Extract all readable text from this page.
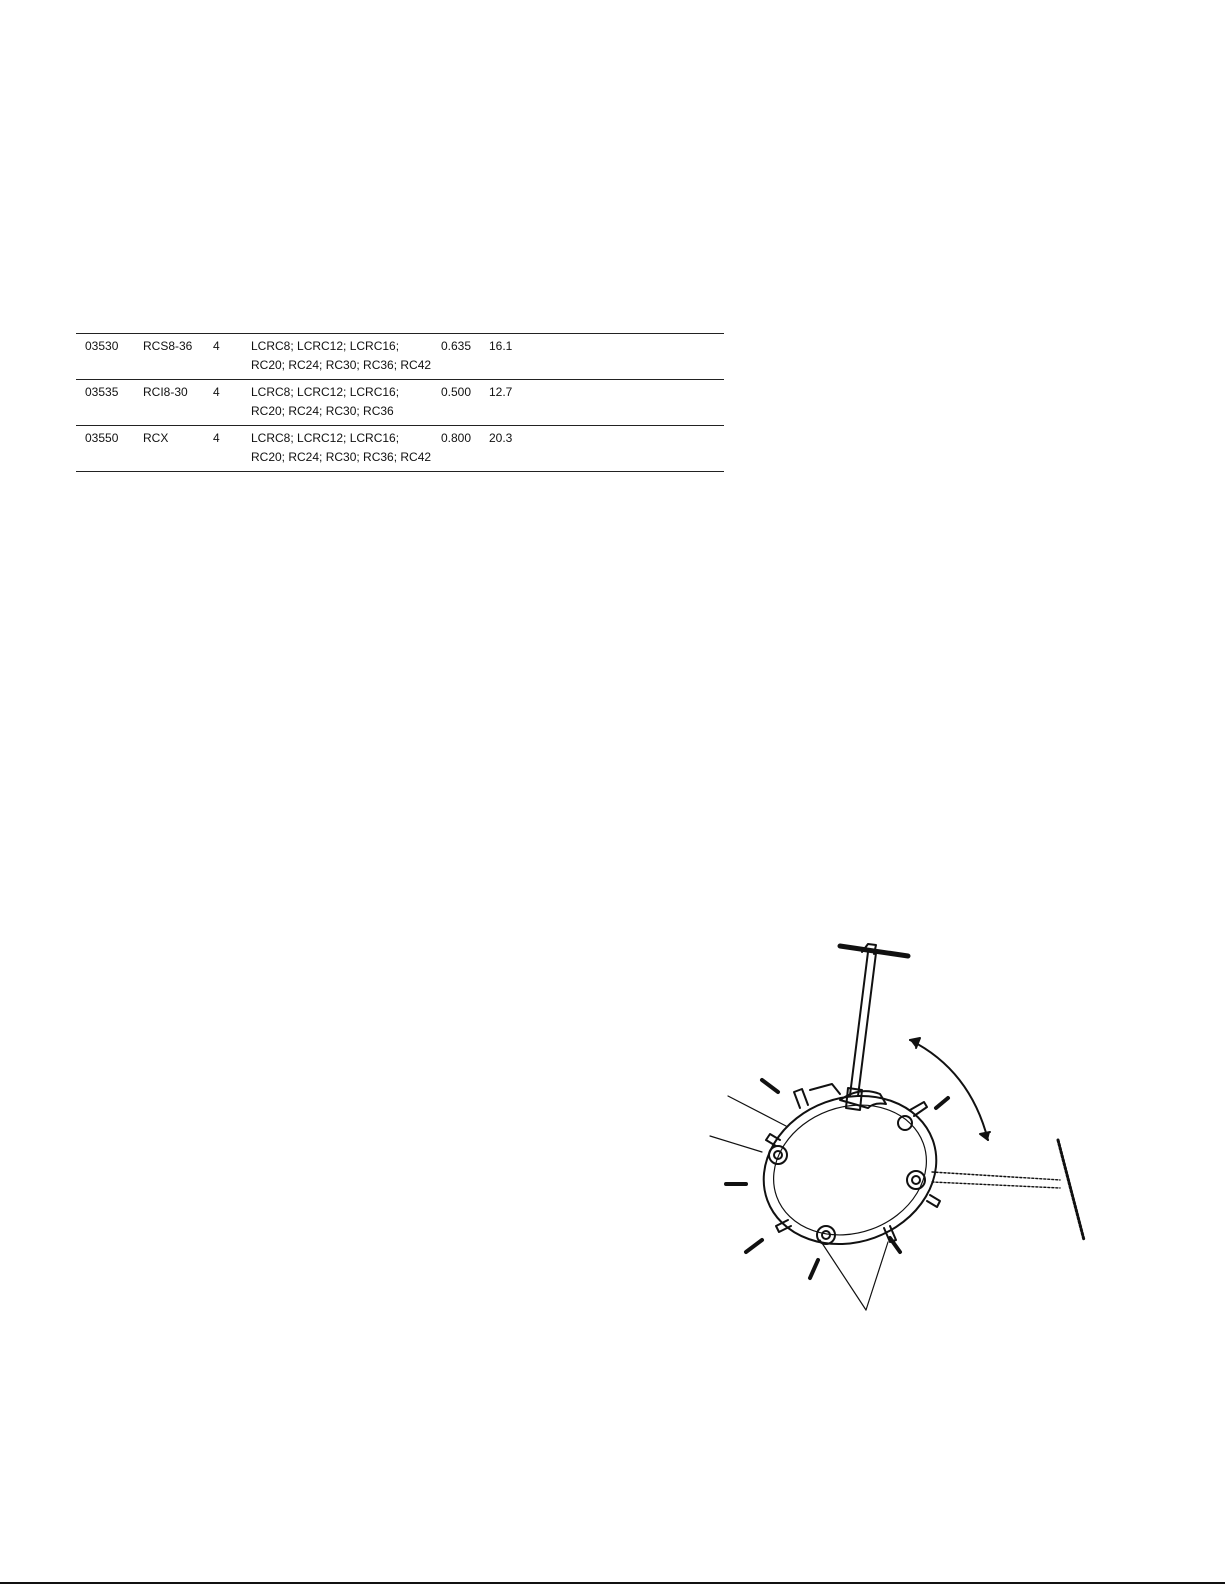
03530	RCS8-36	4	LCRC8; LCRC12; LCRC16;
RC20; RC24; RC30; RC36; RC42	0.635	16.1
03535	RCI8-30	4	LCRC8; LCRC12; LCRC16;
RC20; RC24; RC30; RC36	0.500	12.7
03550	RCX	4	LCRC8; LCRC12; LCRC16;
RC20; RC24; RC30; RC36; RC42	0.800	20.3
